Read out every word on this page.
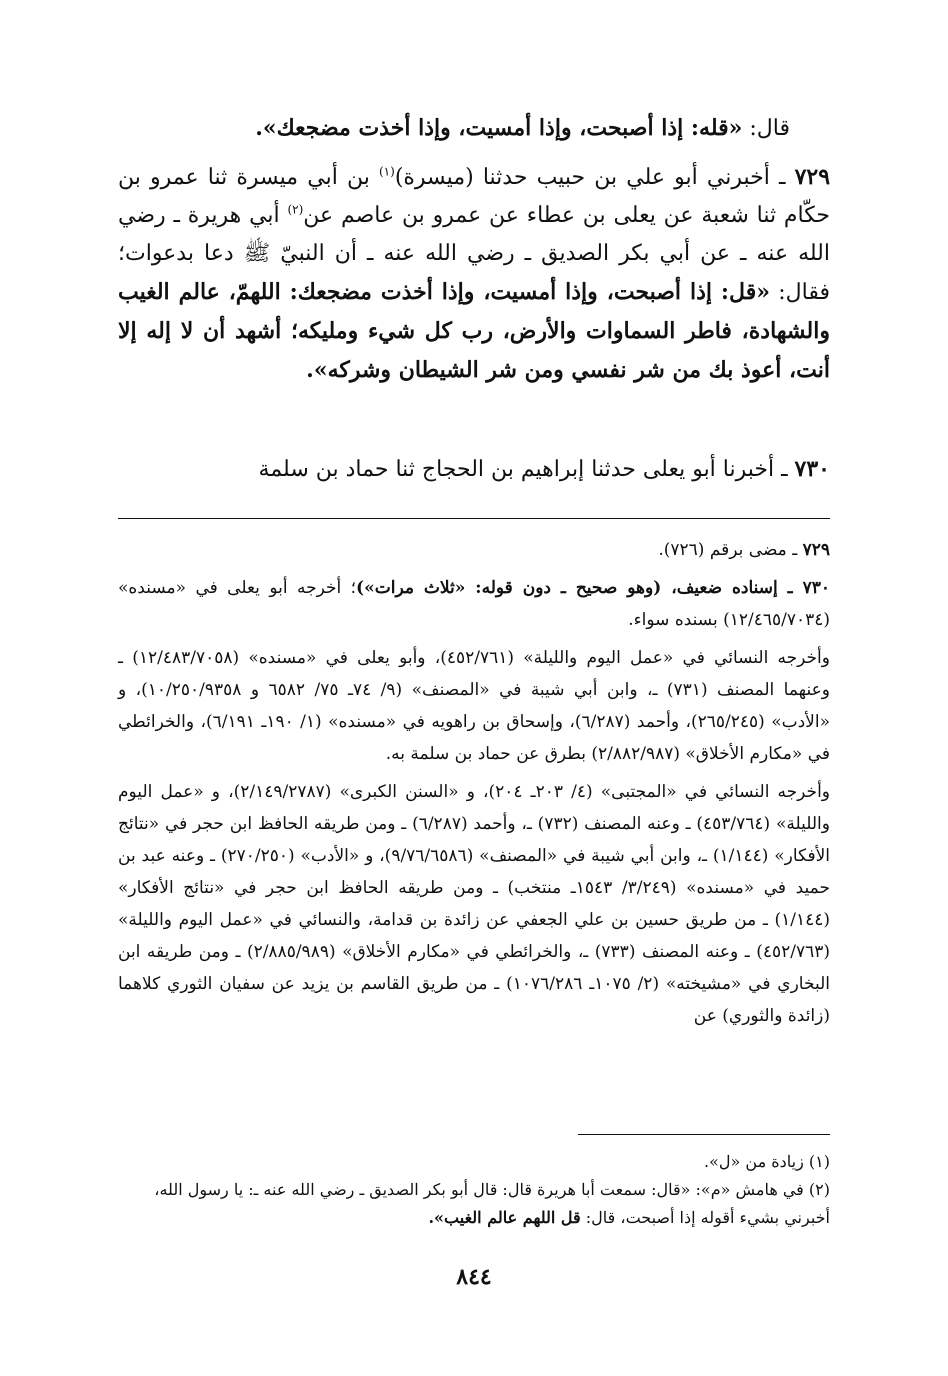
قال: «قله: إذا أصبحت، وإذا أمسيت، وإذا أخذت مضجعك».

٧٢٩ ـ أخبرني أبو علي بن حبيب حدثنا (ميسرة)$^{(١)}$ بن أبي ميسرة ثنا عمرو بن حكّام ثنا شعبة عن يعلى بن عطاء عن عمرو بن عاصم عن$^{(٢)}$ أبي هريرة ـ رضي الله عنه ـ عن أبي بكر الصديق ـ رضي الله عنه ـ أن النبيّ ﷺ دعا بدعوات؛ فقال: «قل: إذا أصبحت، وإذا أمسيت، وإذا أخذت مضجعك: اللهمّ، عالم الغيب والشهادة، فاطر السماوات والأرض، رب كل شيء ومليكه؛ أشهد أن لا إله إلا أنت، أعوذ بك من شر نفسي ومن شر الشيطان وشركه».

٧٣٠ ـ أخبرنا أبو يعلى حدثنا إبراهيم بن الحجاج ثنا حماد بن سلمة

٧٢٩ ـ مضى برقم (٧٢٦).

٧٣٠ ـ إسناده ضعيف، (وهو صحيح ـ دون قوله: «ثلاث مرات»)؛ أخرجه أبو يعلى في «مسنده» (١٢/٤٦٥/٧٠٣٤) بسنده سواء.

وأخرجه النسائي في «عمل اليوم والليلة» (٤٥٢/٧٦١)، وأبو يعلى في «مسنده» (١٢/٤٨٣/٧٠٥٨) ـ وعنهما المصنف (٧٣١) ـ، وابن أبي شيبة في «المصنف» (٩/ ٧٤ـ ٧٥/ ٦٥٨٢ و ١٠/٢٥٠/٩٣٥٨)، و «الأدب» (٢٦٥/٢٤٥)، وأحمد (٦/٢٨٧)، وإسحاق بن راهويه في «مسنده» (١/ ١٩٠ـ ٦/١٩١)، والخرائطي في «مكارم الأخلاق» (٢/٨٨٢/٩٨٧) بطرق عن حماد بن سلمة به.

وأخرجه النسائي في «المجتبى» (٤/ ٢٠٣ـ ٢٠٤)، و «السنن الكبرى» (٢/١٤٩/٢٧٨٧)، و «عمل اليوم والليلة» (٤٥٣/٧٦٤) ـ وعنه المصنف (٧٣٢) ـ، وأحمد (٦/٢٨٧) ـ ومن طريقه الحافظ ابن حجر في «نتائج الأفكار» (١/١٤٤) ـ، وابن أبي شيبة في «المصنف» (٩/٧٦/٦٥٨٦)، و «الأدب» (٢٧٠/٢٥٠) ـ وعنه عبد بن حميد في «مسنده» (٣/٢٤٩/ ١٥٤٣ـ منتخب) ـ ومن طريقه الحافظ ابن حجر في «نتائج الأفكار» (١/١٤٤) ـ من طريق حسين بن علي الجعفي عن زائدة بن قدامة، والنسائي في «عمل اليوم والليلة» (٤٥٢/٧٦٣) ـ وعنه المصنف (٧٣٣) ـ، والخرائطي في «مكارم الأخلاق» (٢/٨٨٥/٩٨٩) ـ ومن طريقه ابن البخاري في «مشيخته» (٢/ ١٠٧٥ـ ١٠٧٦/٢٨٦) ـ من طريق القاسم بن يزيد عن سفيان الثوري كلاهما (زائدة والثوري) عن

(١) زيادة من «ل».

(٢) في هامش «م»: «قال: سمعت أبا هريرة قال: قال أبو بكر الصديق ـ رضي الله عنه ـ: يا رسول الله، أخبرني بشيء أقوله إذا أصبحت، قال: قل اللهم عالم الغيب».

٨٤٤
